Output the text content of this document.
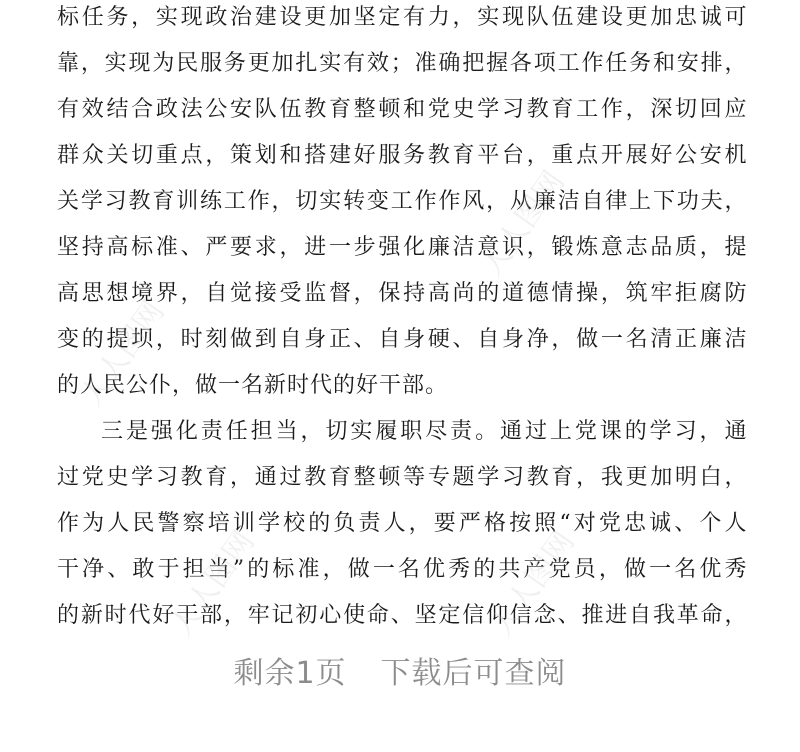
标任务，实现政治建设更加坚定有力，实现队伍建设更加忠诚可
靠，实现为民服务更加扎实有效；准确把握各项工作任务和安排，
有效结合政法公安队伍教育整顿和党史学习教育工作，深切回应
群众关切重点，策划和搭建好服务教育平台，重点开展好公安机
关学习教育训练工作，切实转变工作作风，从廉洁自律上下功夫，
坚持高标准、严要求，进一步强化廉洁意识，锻炼意志品质，提
高思想境界，自觉接受监督，保持高尚的道德情操，筑牢拒腐防
变的提坝，时刻做到自身正、自身硬、自身净，做一名清正廉洁
的人民公仆，做一名新时代的好干部。
三是强化责任担当，切实履职尽责。通过上党课的学习，通
过党史学习教育，通过教育整顿等专题学习教育，我更加明白，
作为人民警察培训学校的负责人，要严格按照“对党忠诚、个人
干净、敢于担当”的标准，做一名优秀的共产党员，做一名优秀
的新时代好干部，牢记初心使命、坚定信仰信念、推进自我革命，
人人图网
人人图网
人人图网	人人图网
剩余1页 下载后可查阅
